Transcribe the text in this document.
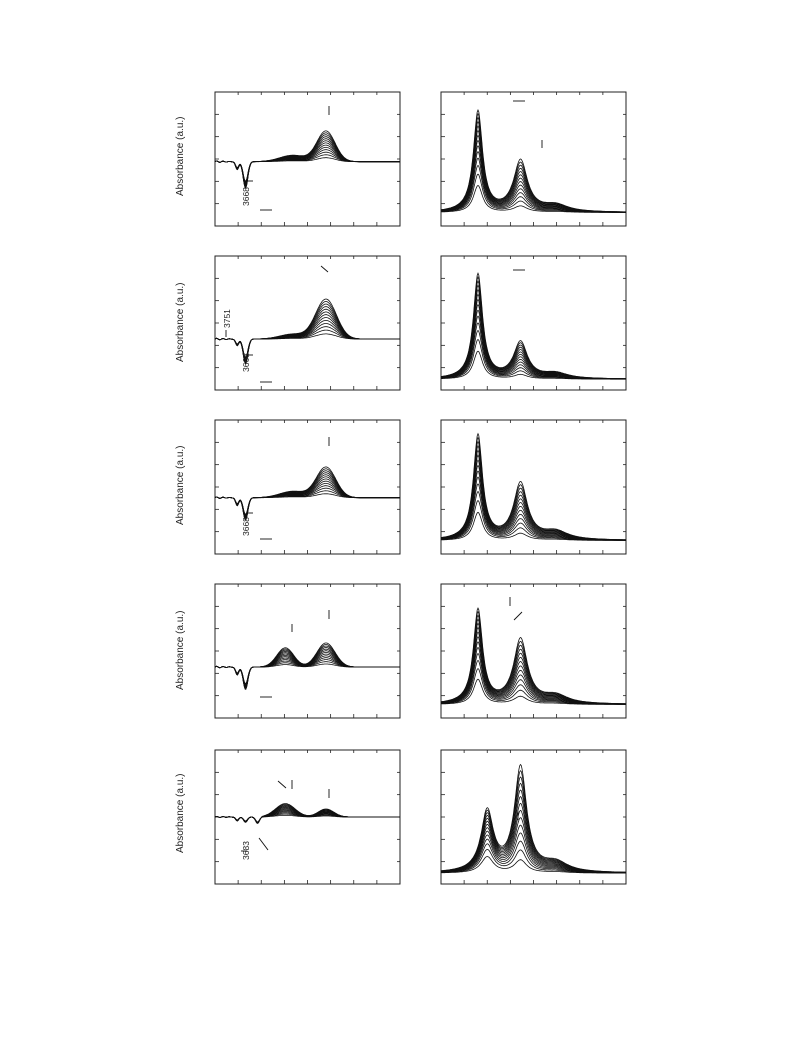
Absorbance (a.u.)
3668
Absorbance (a.u.)	3751
3668
Absorbance (a.u.)
3668
Absorbance (a.u.)
Absorbance (a.u.)	3683
